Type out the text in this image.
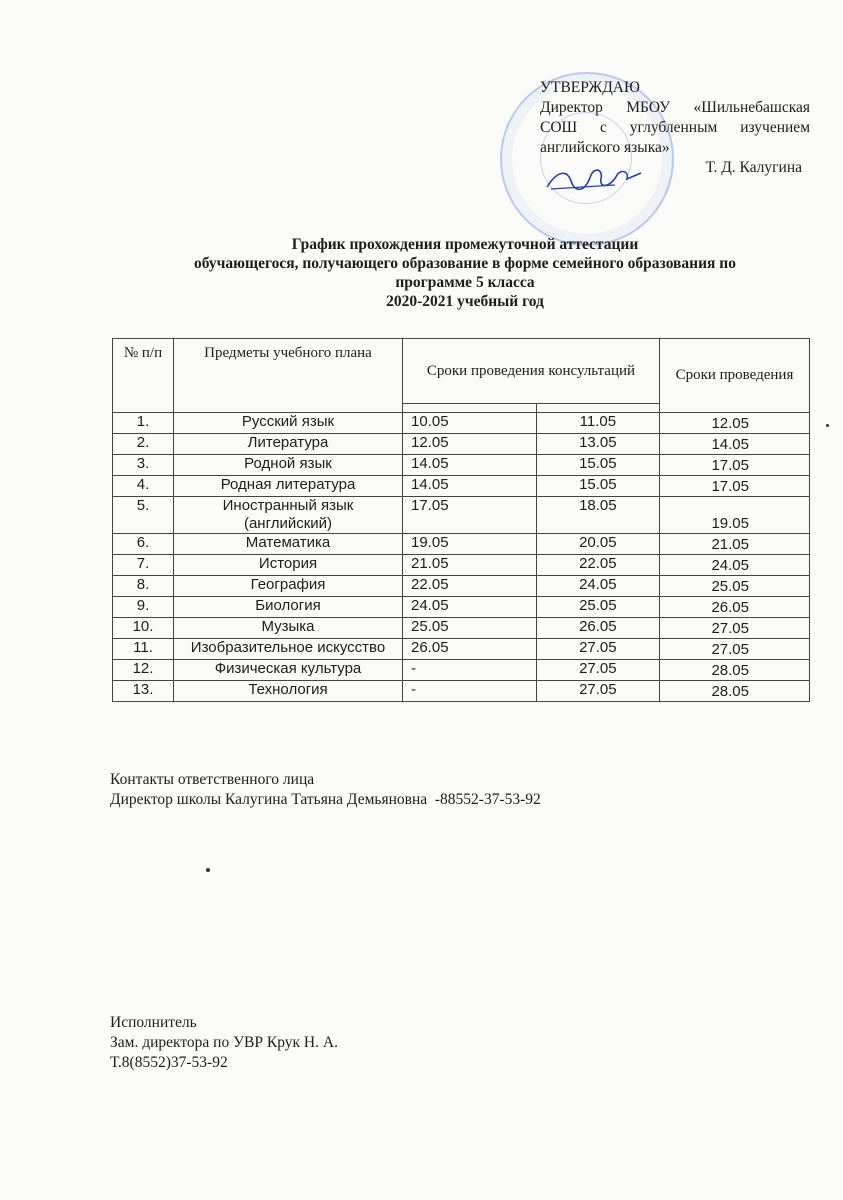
УТВЕРЖДАЮ
Директор МБОУ «Шильнебашская
СОШ с углубленным изучением
английского языка»
Т. Д. Калугина
График прохождения промежуточной аттестации
обучающегося, получающего образование в форме семейного образования по
программе 5 класса
2020-2021 учебный год
№ п/п	Предметы учебного плана	Сроки проведения консультаций		Сроки проведения

1.	Русский язык	10.05	11.05	12.05
2.	Литература	12.05	13.05	14.05
3.	Родной язык	14.05	15.05	17.05
4.	Родная литература	14.05	15.05	17.05
5.	Иностранный язык (английский)	17.05	18.05	19.05
6.	Математика	19.05	20.05	21.05
7.	История	21.05	22.05	24.05
8.	География	22.05	24.05	25.05
9.	Биология	24.05	25.05	26.05
10.	Музыка	25.05	26.05	27.05
11.	Изобразительное искусство	26.05	27.05	27.05
12.	Физическая культура	-	27.05	28.05
13.	Технология	-	27.05	28.05
Контакты ответственного лица
Директор школы Калугина Татьяна Демьяновна  -88552-37-53-92
Исполнитель
Зам. директора по УВР Крук Н. А.
Т.8(8552)37-53-92
